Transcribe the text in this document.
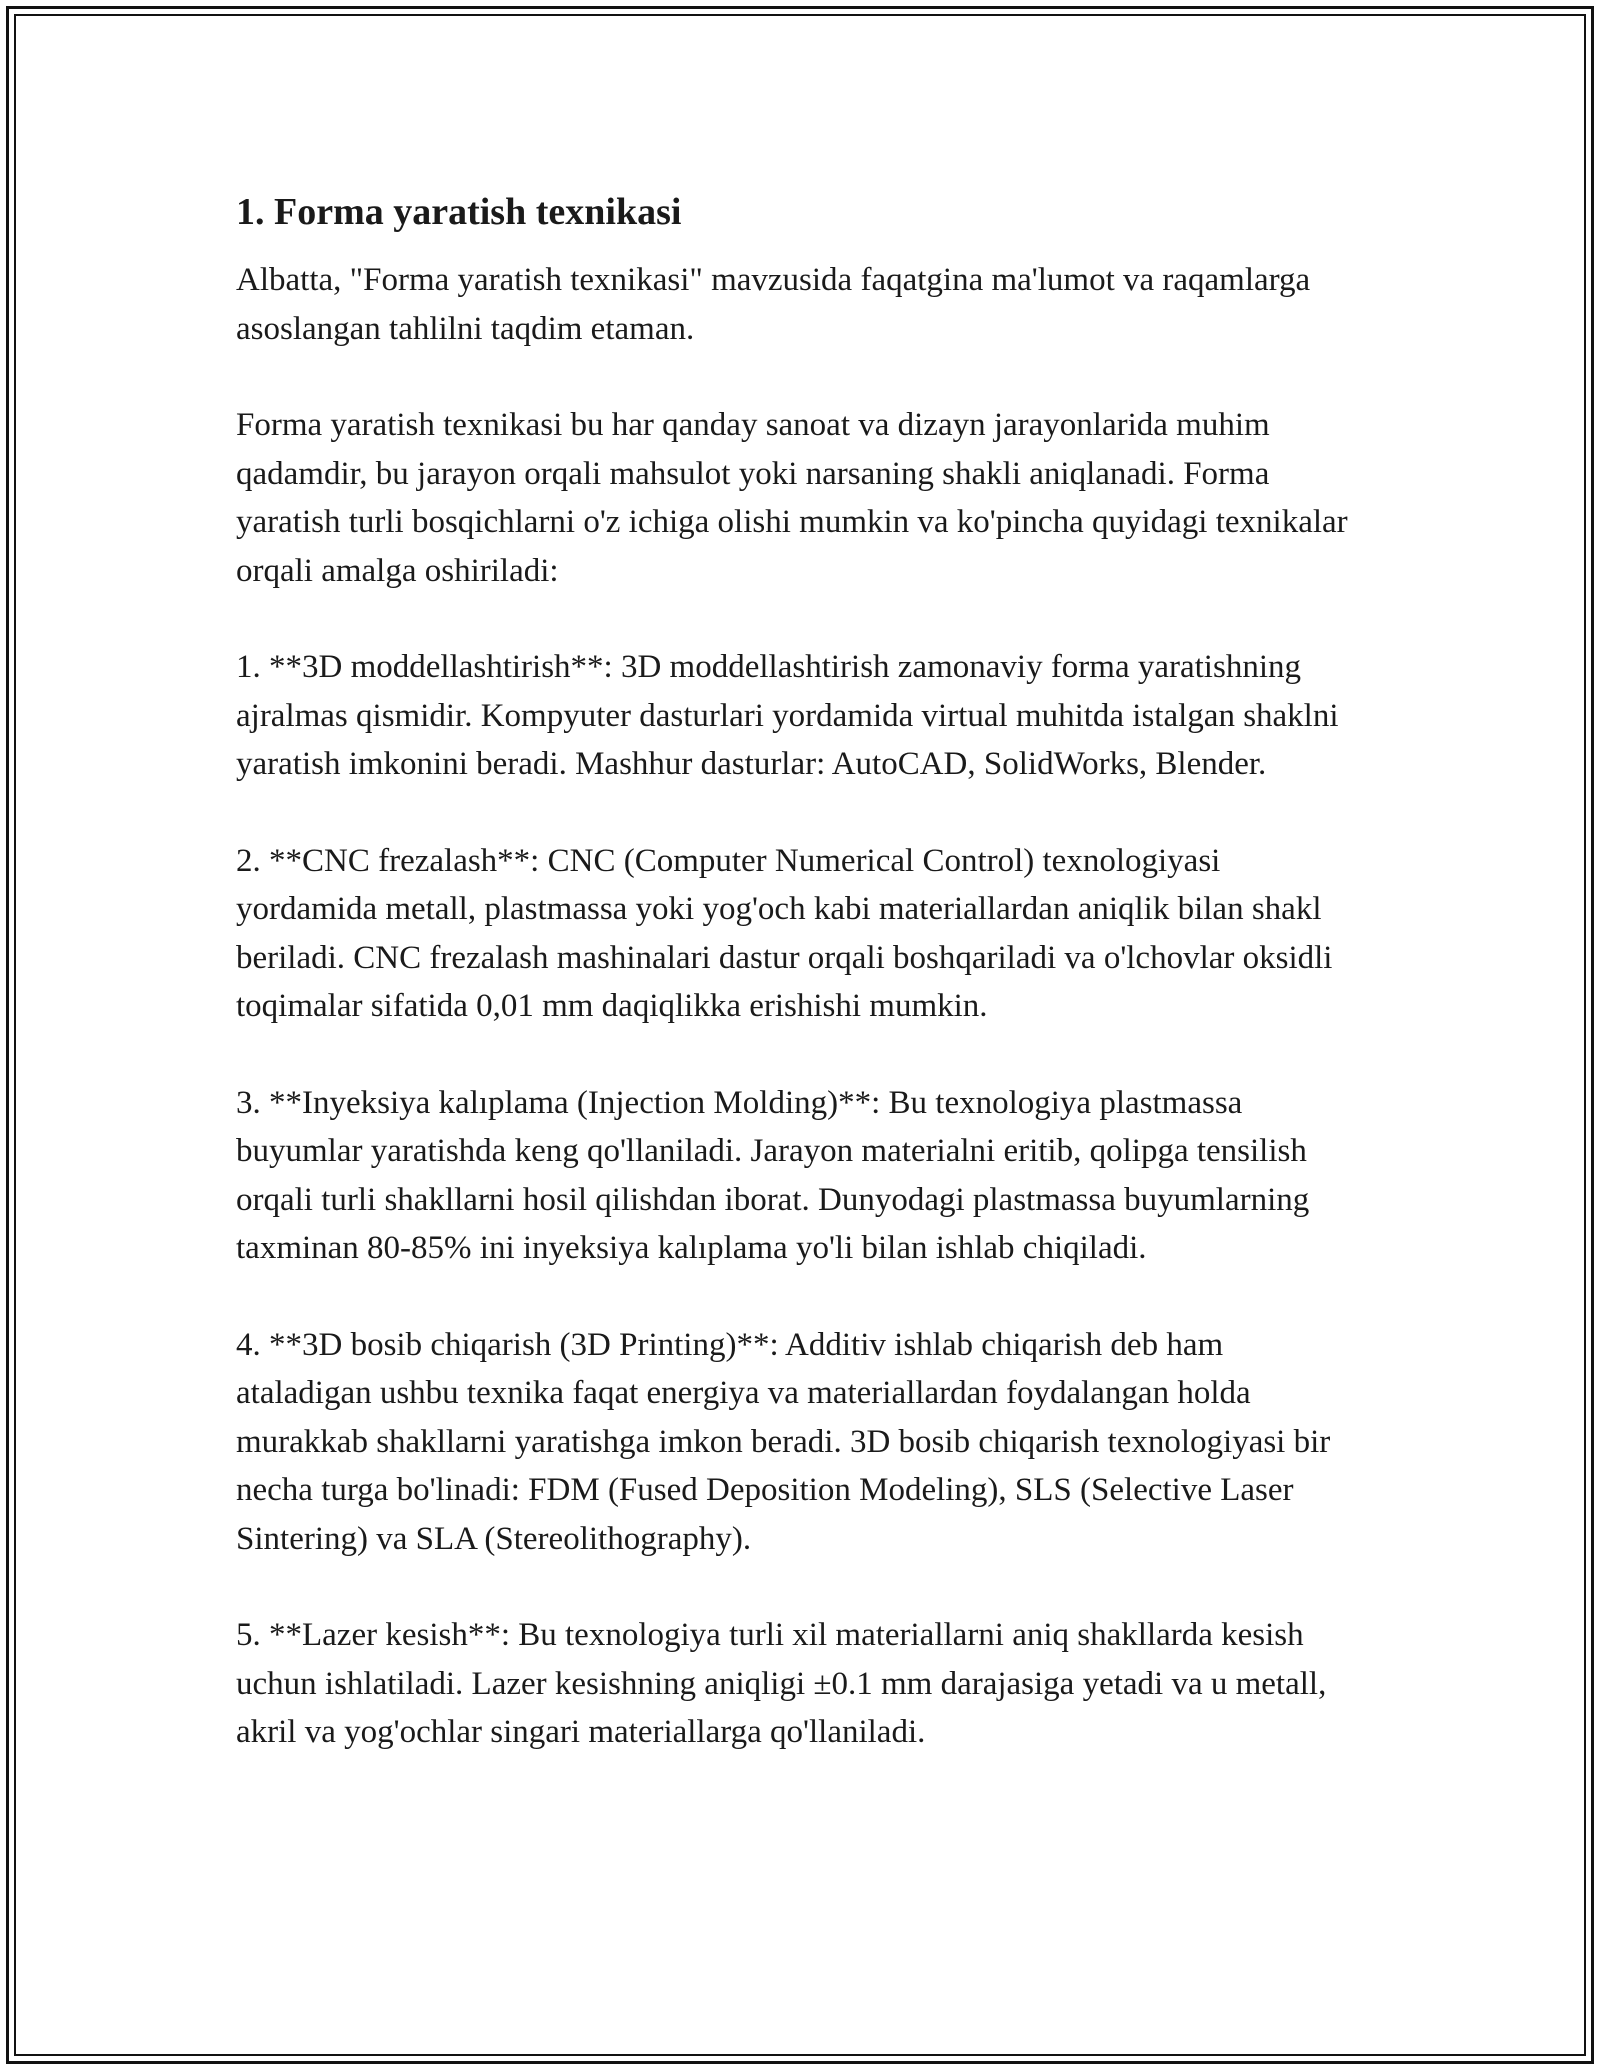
1. Forma yaratish texnikasi

Albatta, "Forma yaratish texnikasi" mavzusida faqatgina ma'lumot va raqamlarga asoslangan tahlilni taqdim etaman.

Forma yaratish texnikasi bu har qanday sanoat va dizayn jarayonlarida muhim qadamdir, bu jarayon orqali mahsulot yoki narsaning shakli aniqlanadi. Forma yaratish turli bosqichlarni o'z ichiga olishi mumkin va ko'pincha quyidagi texnikalar orqali amalga oshiriladi:

1. **3D moddellashtirish**: 3D moddellashtirish zamonaviy forma yaratishning ajralmas qismidir. Kompyuter dasturlari yordamida virtual muhitda istalgan shaklni yaratish imkonini beradi. Mashhur dasturlar: AutoCAD, SolidWorks, Blender.

2. **CNC frezalash**: CNC (Computer Numerical Control) texnologiyasi yordamida metall, plastmassa yoki yog'och kabi materiallardan aniqlik bilan shakl beriladi. CNC frezalash mashinalari dastur orqali boshqariladi va o'lchovlar oksidli toqimalar sifatida 0,01 mm daqiqlikka erishishi mumkin.

3. **Inyeksiya kalıplama (Injection Molding)**: Bu texnologiya plastmassa buyumlar yaratishda keng qo'llaniladi. Jarayon materialni eritib, qolipga tensilish orqali turli shakllarni hosil qilishdan iborat. Dunyodagi plastmassa buyumlarning taxminan 80-85% ini inyeksiya kalıplama yo'li bilan ishlab chiqiladi.

4. **3D bosib chiqarish (3D Printing)**: Additiv ishlab chiqarish deb ham ataladigan ushbu texnika faqat energiya va materiallardan foydalangan holda murakkab shakllarni yaratishga imkon beradi. 3D bosib chiqarish texnologiyasi bir necha turga bo'linadi: FDM (Fused Deposition Modeling), SLS (Selective Laser Sintering) va SLA (Stereolithography).

5. **Lazer kesish**: Bu texnologiya turli xil materiallarni aniq shakllarda kesish uchun ishlatiladi. Lazer kesishning aniqligi ±0.1 mm darajasiga yetadi va u metall, akril va yog'ochlar singari materiallarga qo'llaniladi.
